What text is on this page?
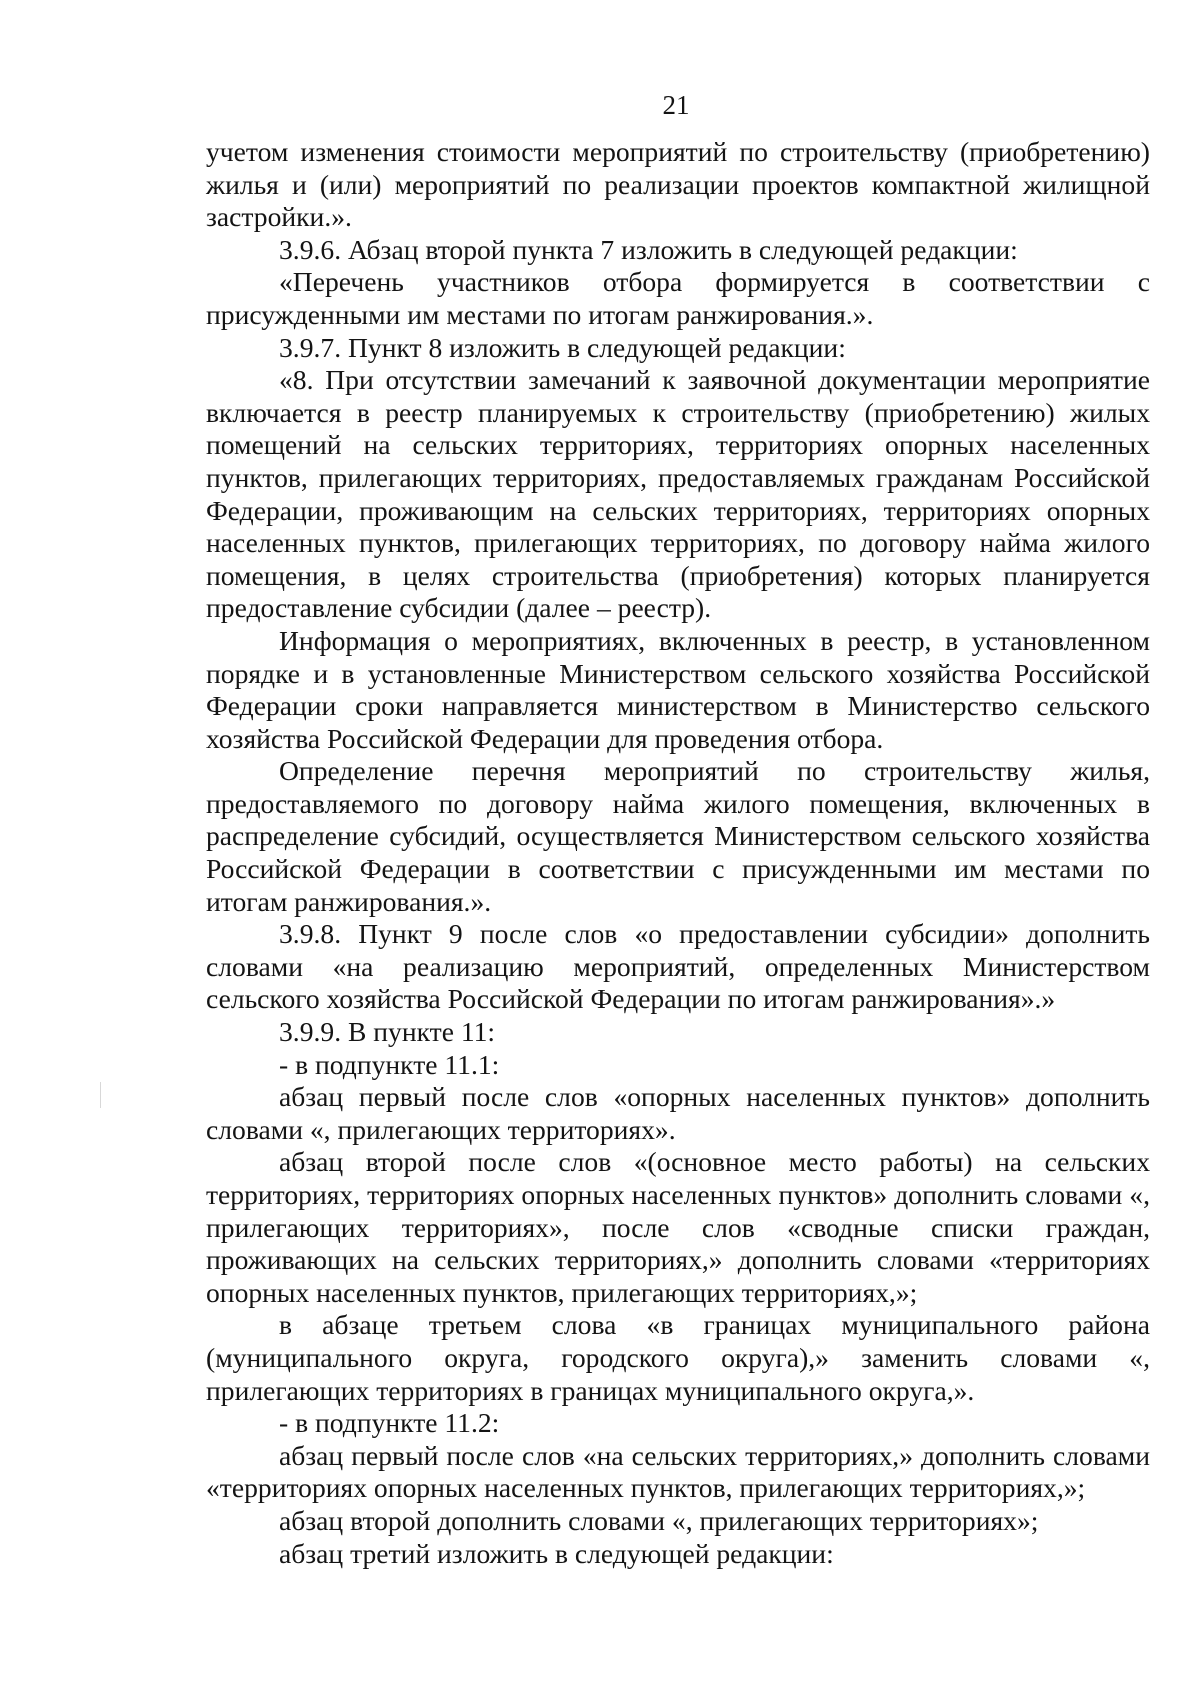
21

учетом изменения стоимости мероприятий по строительству (приобретению) жилья и (или) мероприятий по реализации проектов компактной жилищной застройки.».

3.9.6. Абзац второй пункта 7 изложить в следующей редакции:

«Перечень участников отбора формируется в соответствии с присужденными им местами по итогам ранжирования.».

3.9.7. Пункт 8 изложить в следующей редакции:

«8. При отсутствии замечаний к заявочной документации мероприятие включается в реестр планируемых к строительству (приобретению) жилых помещений на сельских территориях, территориях опорных населенных пунктов, прилегающих территориях, предоставляемых гражданам Российской Федерации, проживающим на сельских территориях, территориях опорных населенных пунктов, прилегающих территориях, по договору найма жилого помещения, в целях строительства (приобретения) которых планируется предоставление субсидии (далее – реестр).

Информация о мероприятиях, включенных в реестр, в установленном порядке и в установленные Министерством сельского хозяйства Российской Федерации сроки направляется министерством в Министерство сельского хозяйства Российской Федерации для проведения отбора.

Определение перечня мероприятий по строительству жилья, предоставляемого по договору найма жилого помещения, включенных в распределение субсидий, осуществляется Министерством сельского хозяйства Российской Федерации в соответствии с присужденными им местами по итогам ранжирования.».

3.9.8. Пункт 9 после слов «о предоставлении субсидии» дополнить словами «на реализацию мероприятий, определенных Министерством сельского хозяйства Российской Федерации по итогам ранжирования».»

3.9.9. В пункте 11:

- в подпункте 11.1:

абзац первый после слов «опорных населенных пунктов» дополнить словами «, прилегающих территориях».

абзац второй после слов «(основное место работы) на сельских территориях, территориях опорных населенных пунктов» дополнить словами «, прилегающих территориях», после слов «сводные списки граждан, проживающих на сельских территориях,» дополнить словами «территориях опорных населенных пунктов, прилегающих территориях,»;

в абзаце третьем слова «в границах муниципального района (муниципального округа, городского округа),» заменить словами «, прилегающих территориях в границах муниципального округа,».

- в подпункте 11.2:

абзац первый после слов «на сельских территориях,» дополнить словами «территориях опорных населенных пунктов, прилегающих территориях,»;

абзац второй дополнить словами «, прилегающих территориях»;

абзац третий изложить в следующей редакции:
